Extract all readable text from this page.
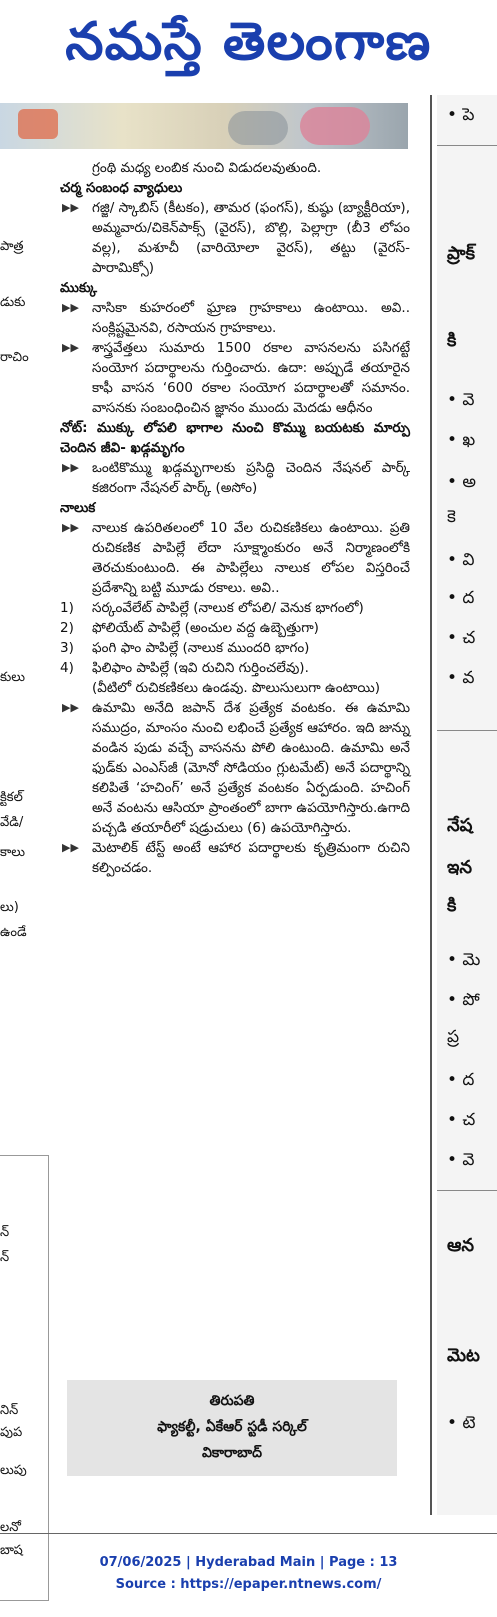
నమస్తే తెలంగాణ
పాత్ర
డుకు
రాచిం
కులు
క్టికల్
వేడి/
కాలు
లు)
ఉండే
న్
న్
నిన్
పుప
లుపు
లనో
బాష

గ్రంథి మధ్య లంబిక నుంచి విడుదలవుతుంది.

చర్మ సంబంధ వ్యాధులు

▶▶ గజ్జి/ స్కాబిస్ (కీటకం), తామర (ఫంగస్), కుష్ఠు (బ్యాక్టీరియా), అమ్మవారు/చికెన్‌పాక్స్ (వైరస్), బొల్లి, పెల్లాగ్రా (బీ3 లోపం వల్ల), మశూచీ (వారియోలా వైరస్), తట్టు (వైరస్- పారామిక్సో)

ముక్కు

▶▶ నాసికా కుహరంలో ఘ్రాణ గ్రాహకాలు ఉంటాయి. అవి.. సంక్లిష్టమైనవి, రసాయన గ్రాహకాలు.

▶▶ శాస్త్రవేత్తలు సుమారు 1500 రకాల వాసనలను పసిగట్టే సంయోగ పదార్థాలను గుర్తించారు. ఉదా: అప్పుడే తయారైన కాఫీ వాసన ‘600 రకాల సంయోగ పదార్థాలతో సమానం. వాసనకు సంబంధించిన జ్ఞానం ముందు మెదడు ఆధీనం

నోట్: ముక్కు లోపలి భాగాల నుంచి కొమ్ము బయటకు మార్పు చెందిన జీవి- ఖడ్గమృగం

▶▶ ఒంటికొమ్ము ఖడ్గమృగాలకు ప్రసిద్ధి చెందిన నేషనల్ పార్క్ కజిరంగా నేషనల్ పార్క్ (అసోం)

నాలుక

▶▶ నాలుక ఉపరితలంలో 10 వేల రుచికణికలు ఉంటాయి. ప్రతి రుచికణిక పాపిల్లే లేదా సూక్ష్మాంకురం అనే నిర్మాణంలోకి తెరచుకుంటుంది. ఈ పాపిల్లేలు నాలుక లోపల విస్తరించే ప్రదేశాన్ని బట్టి మూడు రకాలు. అవి..

1) సర్కంవేలేట్ పాపిల్లే (నాలుక లోపలి/ వెనుక భాగంలో)

2) ఫోలియేట్ పాపిల్లే (అంచుల వద్ద ఉబ్బెత్తుగా)

3) ఫంగి ఫాం పాపిల్లే (నాలుక ముందరి భాగం)

4) ఫిలిఫాం పాపిల్లే (ఇవి రుచిని గుర్తించలేవు).

(వీటిలో రుచికణికలు ఉండవు. పొలుసులుగా ఉంటాయి)

▶▶ ఉమామి అనేది జపాన్ దేశ ప్రత్యేక వంటకం. ఈ ఉమామి సముద్రం, మాంసం నుంచి లభించే ప్రత్యేక ఆహారం. ఇది జున్ను వండిన పుడు వచ్చే వాసనను పోలి ఉంటుంది. ఉమామి అనే ఫుడ్‌కు ఎంఎస్‌జీ (మోనో సోడియం గ్లుటమేట్) అనే పదార్థాన్ని కలిపితే ‘హచింగ్’ అనే ప్రత్యేక వంటకం ఏర్పడుంది. హచింగ్ అనే వంటను ఆసియా ప్రాంతంలో బాగా ఉపయోగిస్తారు.ఉగాది పచ్చడి తయారీలో షడ్రుచులు (6) ఉపయోగిస్తారు.

▶▶ మెటాలిక్ టేస్ట్ అంటే ఆహార పదార్థాలకు కృత్రిమంగా రుచిని కల్పించడం.

తిరుపతి
ఫ్యాకల్టీ, ఏకేఆర్ స్టడీ సర్కిల్
వికారాబాద్
• పె
ప్రాక్
కి
• వె
• ఖ
• అ
కె
• వి
• ద
• చ
• వ
నేష
ఇన
కి
• మె
• పో
ప్ర
• ద
• చ
• వె
ఆన
మెట
• టె
07/06/2025 | Hyderabad Main | Page : 13
Source : https://epaper.ntnews.com/
